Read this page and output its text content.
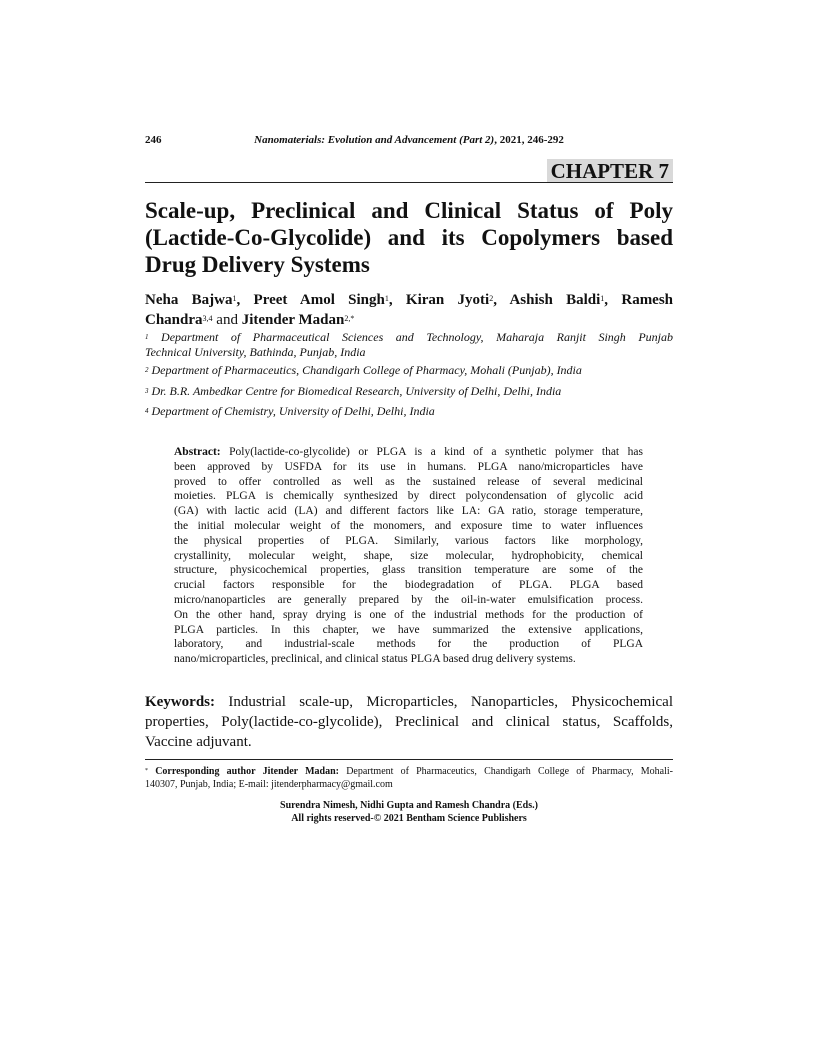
246	Nanomaterials: Evolution and Advancement (Part 2), 2021, 246-292
CHAPTER 7
Scale-up, Preclinical and Clinical Status of Poly
(Lactide-Co-Glycolide) and its Copolymers based
Drug Delivery Systems
Neha Bajwa$^1$, Preet Amol Singh$^1$, Kiran Jyoti$^2$, Ashish Baldi$^1$, Ramesh
Chandra$^{3,4}$ and Jitender Madan$^{2,*}$
$^1$ Department of Pharmaceutical Sciences and Technology, Maharaja Ranjit Singh Punjab
Technical University, Bathinda, Punjab, India
$^2$ Department of Pharmaceutics, Chandigarh College of Pharmacy, Mohali (Punjab), India
$^3$ Dr. B.R. Ambedkar Centre for Biomedical Research, University of Delhi, Delhi, India
$^4$ Department of Chemistry, University of Delhi, Delhi, India
Abstract: Poly(lactide-co-glycolide) or PLGA is a kind of a synthetic polymer that has
been approved by USFDA for its use in humans. PLGA nano/microparticles have
proved to offer controlled as well as the sustained release of several medicinal
moieties. PLGA is chemically synthesized by direct polycondensation of glycolic acid
(GA) with lactic acid (LA) and different factors like LA: GA ratio, storage temperature,
the initial molecular weight of the monomers, and exposure time to water influences
the physical properties of PLGA. Similarly, various factors like morphology,
crystallinity, molecular weight, shape, size molecular, hydrophobicity, chemical
structure, physicochemical properties, glass transition temperature are some of the
crucial factors responsible for the biodegradation of PLGA. PLGA based
micro/nanoparticles are generally prepared by the oil-in-water emulsification process.
On the other hand, spray drying is one of the industrial methods for the production of
PLGA particles. In this chapter, we have summarized the extensive applications,
laboratory, and industrial-scale methods for the production of PLGA
nano/microparticles, preclinical, and clinical status PLGA based drug delivery systems.
Keywords: Industrial scale-up, Microparticles, Nanoparticles, Physicochemical
properties, Poly(lactide-co-glycolide), Preclinical and clinical status, Scaffolds,
Vaccine adjuvant.
* Corresponding author Jitender Madan: Department of Pharmaceutics, Chandigarh College of Pharmacy, Mohali-
140307, Punjab, India; E-mail: jitenderpharmacy@gmail.com
Surendra Nimesh, Nidhi Gupta and Ramesh Chandra (Eds.)
All rights reserved-© 2021 Bentham Science Publishers
